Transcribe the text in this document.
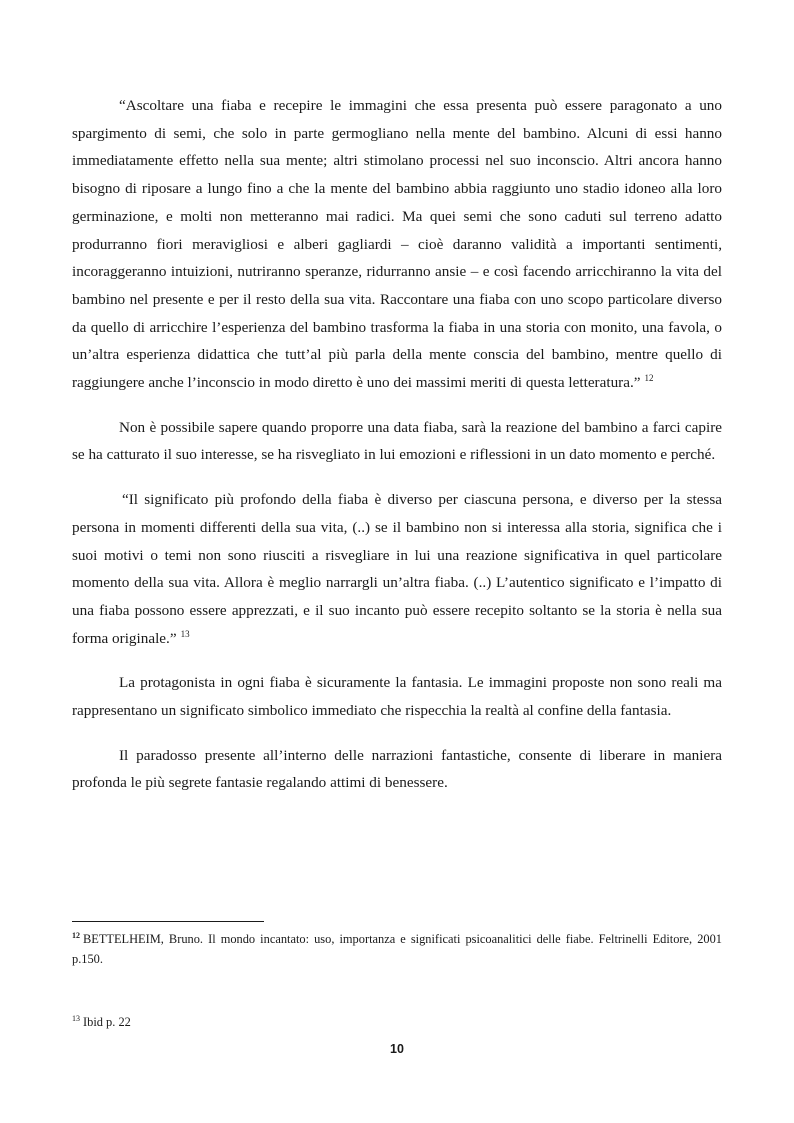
“Ascoltare una fiaba e recepire le immagini che essa presenta può essere paragonato a uno spargimento di semi, che solo in parte germogliano nella mente del bambino. Alcuni di essi hanno immediatamente effetto nella sua mente; altri stimolano processi nel suo inconscio. Altri ancora hanno bisogno di riposare a lungo fino a che la mente del bambino abbia raggiunto uno stadio idoneo alla loro germinazione, e molti non metteranno mai radici. Ma quei semi che sono caduti sul terreno adatto produrranno fiori meravigliosi e alberi gagliardi – cioè daranno validità a importanti sentimenti, incoraggeranno intuizioni, nutriranno speranze, ridurranno ansie – e così facendo arricchiranno la vita del bambino nel presente e per il resto della sua vita. Raccontare una fiaba con uno scopo particolare diverso da quello di arricchire l’esperienza del bambino trasforma la fiaba in una storia con monito, una favola, o un’altra esperienza didattica che tutt’al più parla della mente conscia del bambino, mentre quello di raggiungere anche l’inconscio in modo diretto è uno dei massimi meriti di questa letteratura.” $^{12}$

Non è possibile sapere quando proporre una data fiaba, sarà la reazione del bambino a farci capire se ha catturato il suo interesse, se ha risvegliato in lui emozioni e riflessioni in un dato momento e perché.

“Il significato più profondo della fiaba è diverso per ciascuna persona, e diverso per la stessa persona in momenti differenti della sua vita, (..) se il bambino non si interessa alla storia, significa che i suoi motivi o temi non sono riusciti a risvegliare in lui una reazione significativa in quel particolare momento della sua vita. Allora è meglio narrargli un’altra fiaba. (..) L’autentico significato e l’impatto di una fiaba possono essere apprezzati, e il suo incanto può essere recepito soltanto se la storia è nella sua forma originale.” $^{13}$

La protagonista in ogni fiaba è sicuramente la fantasia. Le immagini proposte non sono reali ma rappresentano un significato simbolico immediato che rispecchia la realtà al confine della fantasia.

Il paradosso presente all’interno delle narrazioni fantastiche, consente di liberare in maniera profonda le più segrete fantasie regalando attimi di benessere.

$^{12}$ BETTELHEIM, Bruno. Il mondo incantato: uso, importanza e significati psicoanalitici delle fiabe. Feltrinelli Editore, 2001 p.150.

$^{13}$ Ibid p. 22

10
